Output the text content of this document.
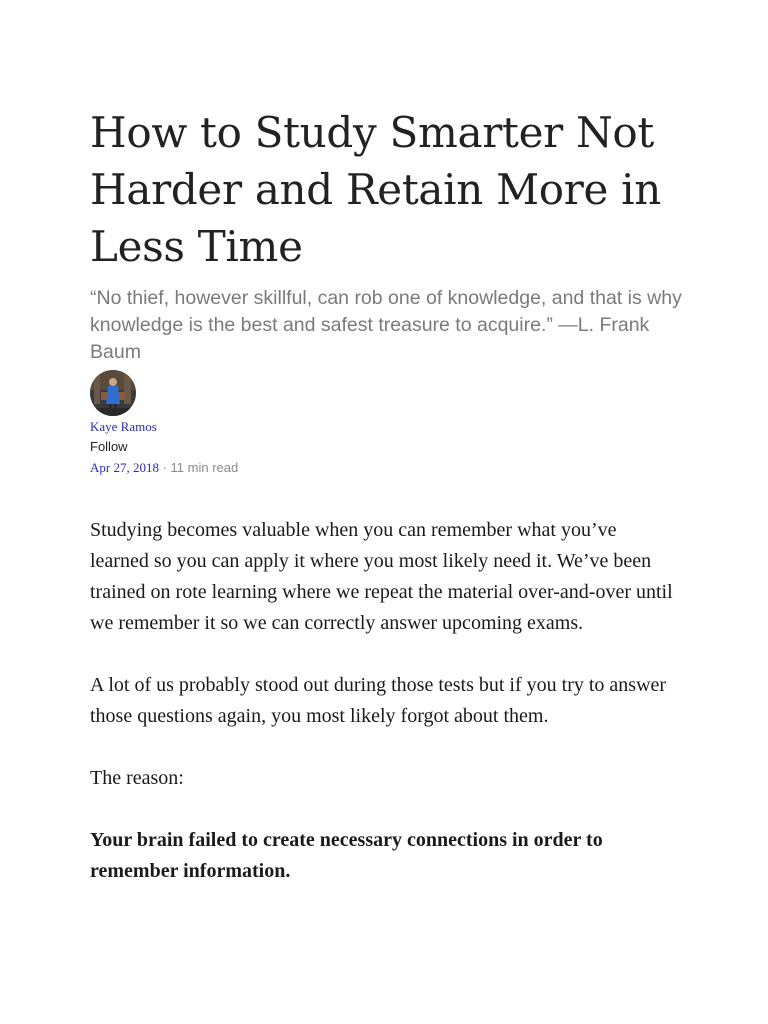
How to Study Smarter Not Harder and Retain More in Less Time

“No thief, however skillful, can rob one of knowledge, and that is why knowledge is the best and safest treasure to acquire.” —L. Frank Baum

Kaye Ramos
Follow
Apr 27, 2018 · 11 min read

Studying becomes valuable when you can remember what you’ve learned so you can apply it where you most likely need it. We’ve been trained on rote learning where we repeat the material over-and-over until we remember it so we can correctly answer upcoming exams.

A lot of us probably stood out during those tests but if you try to answer those questions again, you most likely forgot about them.

The reason:

Your brain failed to create necessary connections in order to remember information.
